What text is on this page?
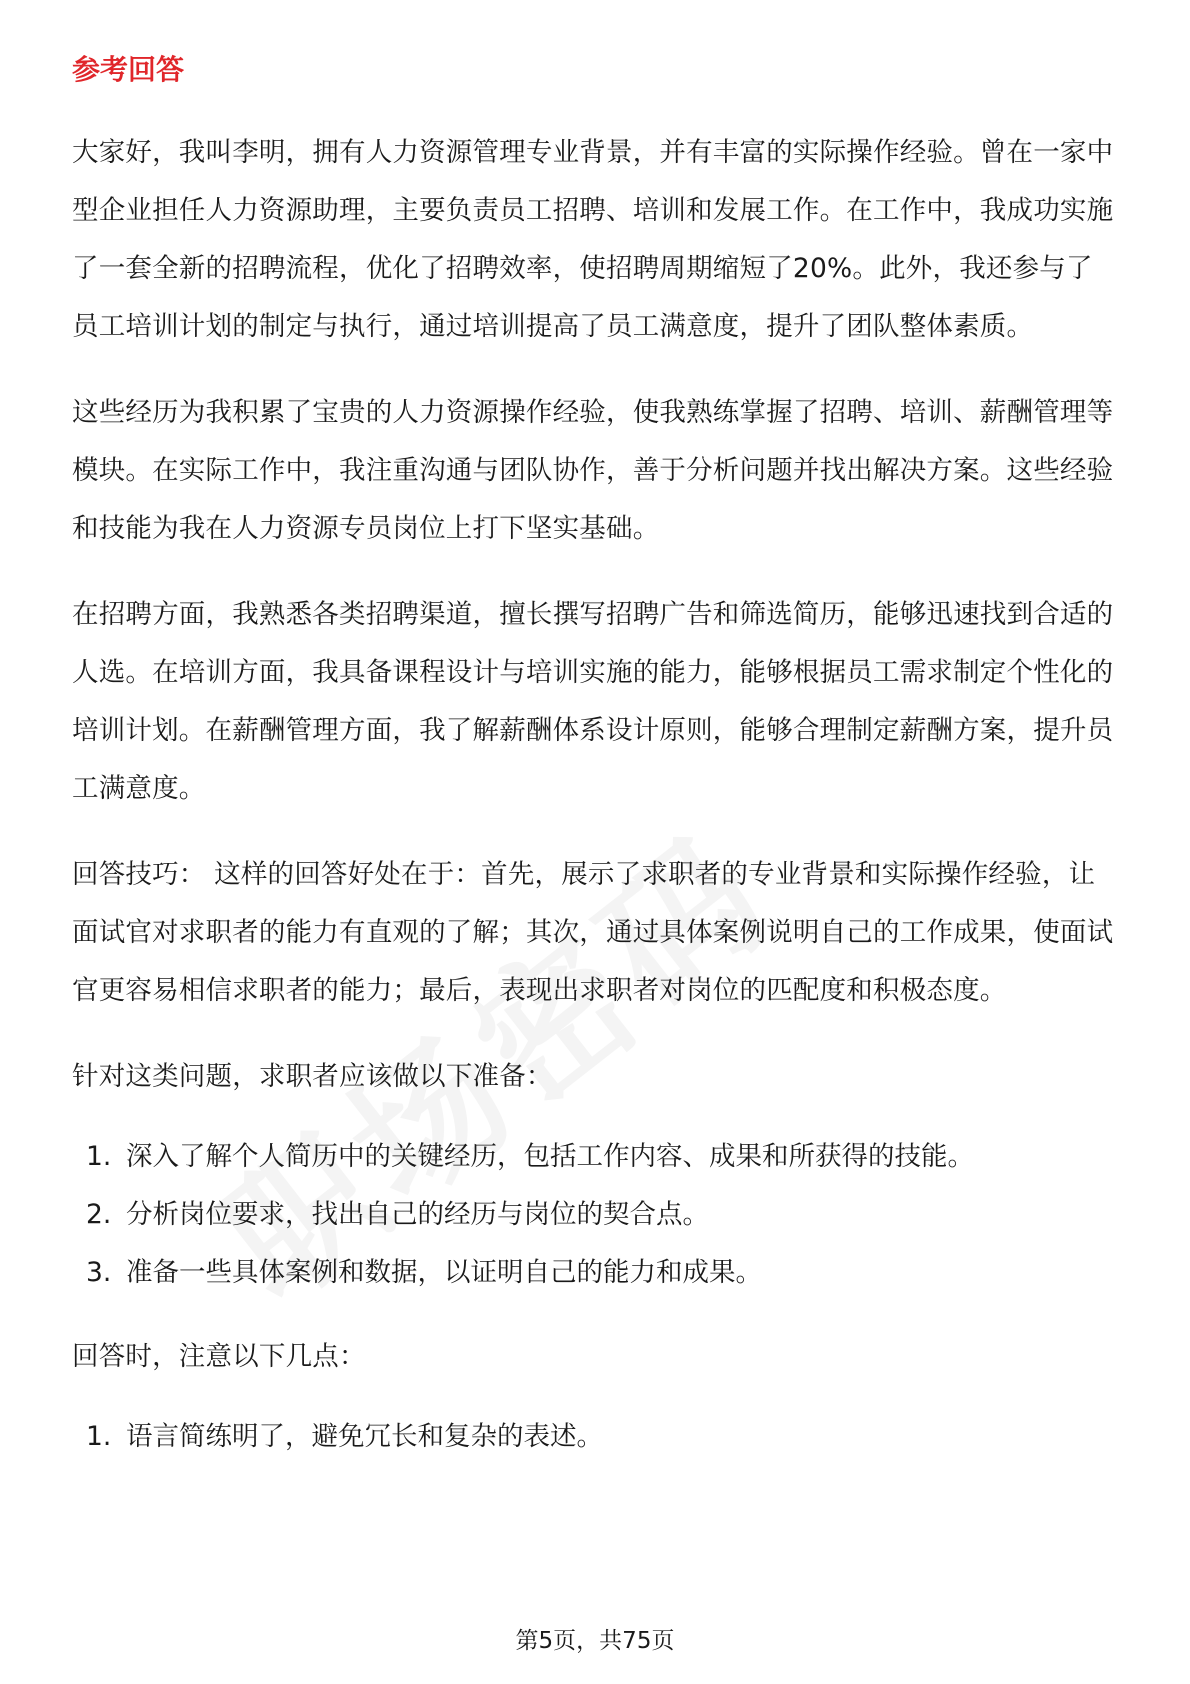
参考回答

大家好，我叫李明，拥有人力资源管理专业背景，并有丰富的实际操作经验。曾在一家中型企业担任人力资源助理，主要负责员工招聘、培训和发展工作。在工作中，我成功实施了一套全新的招聘流程，优化了招聘效率，使招聘周期缩短了20%。此外，我还参与了员工培训计划的制定与执行，通过培训提高了员工满意度，提升了团队整体素质。

这些经历为我积累了宝贵的人力资源操作经验，使我熟练掌握了招聘、培训、薪酬管理等模块。在实际工作中，我注重沟通与团队协作，善于分析问题并找出解决方案。这些经验和技能为我在人力资源专员岗位上打下坚实基础。

在招聘方面，我熟悉各类招聘渠道，擅长撰写招聘广告和筛选简历，能够迅速找到合适的人选。在培训方面，我具备课程设计与培训实施的能力，能够根据员工需求制定个性化的培训计划。在薪酬管理方面，我了解薪酬体系设计原则，能够合理制定薪酬方案，提升员工满意度。

回答技巧： 这样的回答好处在于：首先，展示了求职者的专业背景和实际操作经验，让面试官对求职者的能力有直观的了解；其次，通过具体案例说明自己的工作成果，使面试官更容易相信求职者的能力；最后，表现出求职者对岗位的匹配度和积极态度。

针对这类问题，求职者应该做以下准备：

1. 深入了解个人简历中的关键经历，包括工作内容、成果和所获得的技能。
2. 分析岗位要求，找出自己的经历与岗位的契合点。
3. 准备一些具体案例和数据，以证明自己的能力和成果。

回答时，注意以下几点：

1. 语言简练明了，避免冗长和复杂的表述。
第5页，共75页
